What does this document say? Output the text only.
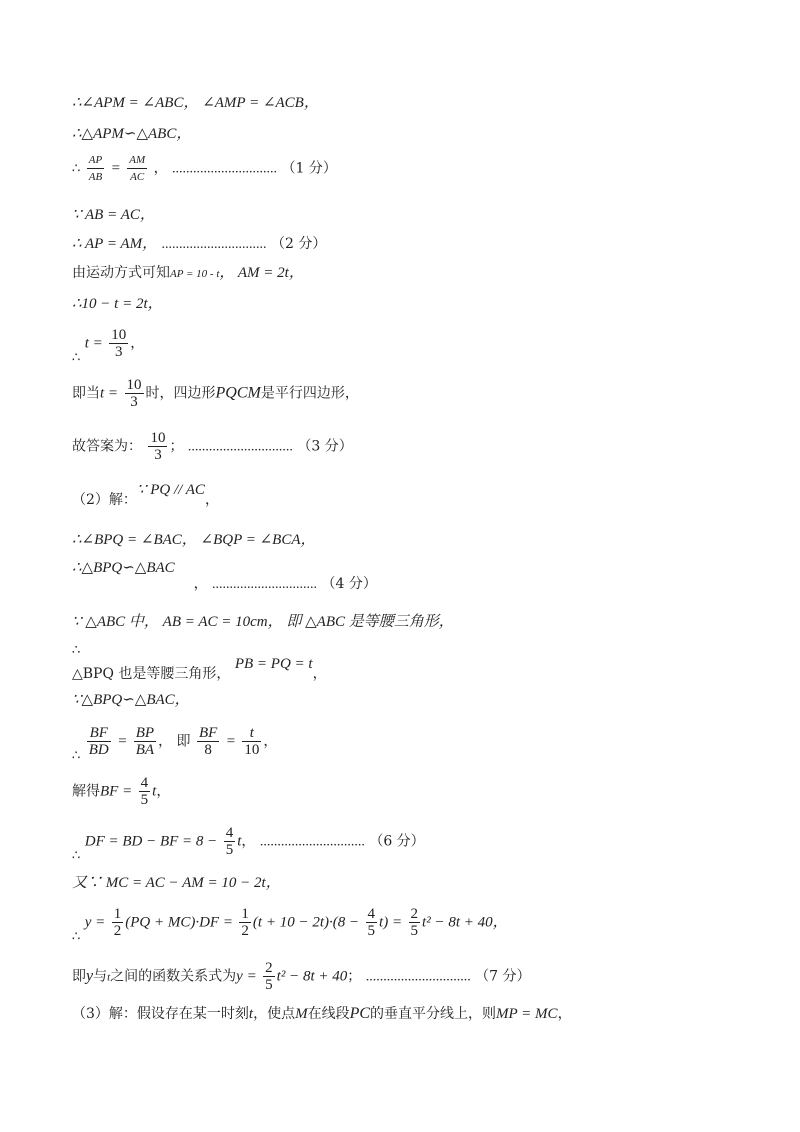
∴∠APM = ∠ABC， ∠AMP = ∠ACB，
∴△APM∽△ABC，
∴ $\frac{AP}{AB} = \frac{AM}{AC}$ ， .............................. （1 分）
∵ AB = AC，
∴ AP = AM， .............................. （2 分）
由运动方式可知AP = 10 - t， AM = 2t，
∴10 − t = 2t，
∴ $t = \frac{10}{3}$ ，
即当$t = \frac{10}{3}$ 时，四边形PQCM是平行四边形，
故答案为： $\frac{10}{3}$ ； .............................. （3 分）
（2）解：∵ PQ // AC，
∴∠BPQ = ∠BAC， ∠BQP = ∠BCA，
∴△BPQ∽△BAC  ， .............................. （4 分）
∵ △ABC 中， AB = AC = 10cm， 即 △ABC 是等腰三角形，
∴
△BPQ 也是等腰三角形， PB = PQ = t，
∵△BPQ∽△BAC，
∴ $\frac{BF}{BD} = \frac{BP}{BA}$ ， 即 $\frac{BF}{8} = \frac{t}{10}$ ，
解得BF = $\frac{4}{5}$ t，
∴ DF = BD − BF = $8 - \frac{4}{5}$ t， .............................. （6 分）
又∵ MC = AC − AM = 10 − 2t，
∴ $y = \frac{1}{2} (PQ + MC)\cdot DF = \frac{1}{2} (t + 10 - 2t)\cdot(8 - \frac{4}{5} t) = \frac{2}{5} t^2 - 8t + 40$，
即y与t之间的函数关系式为$y = \frac{2}{5} t^2 - 8t + 40$； .............................. （7 分）
（3）解：假设存在某一时刻t，使点M在线段PC的垂直平分线上，则MP = MC，
